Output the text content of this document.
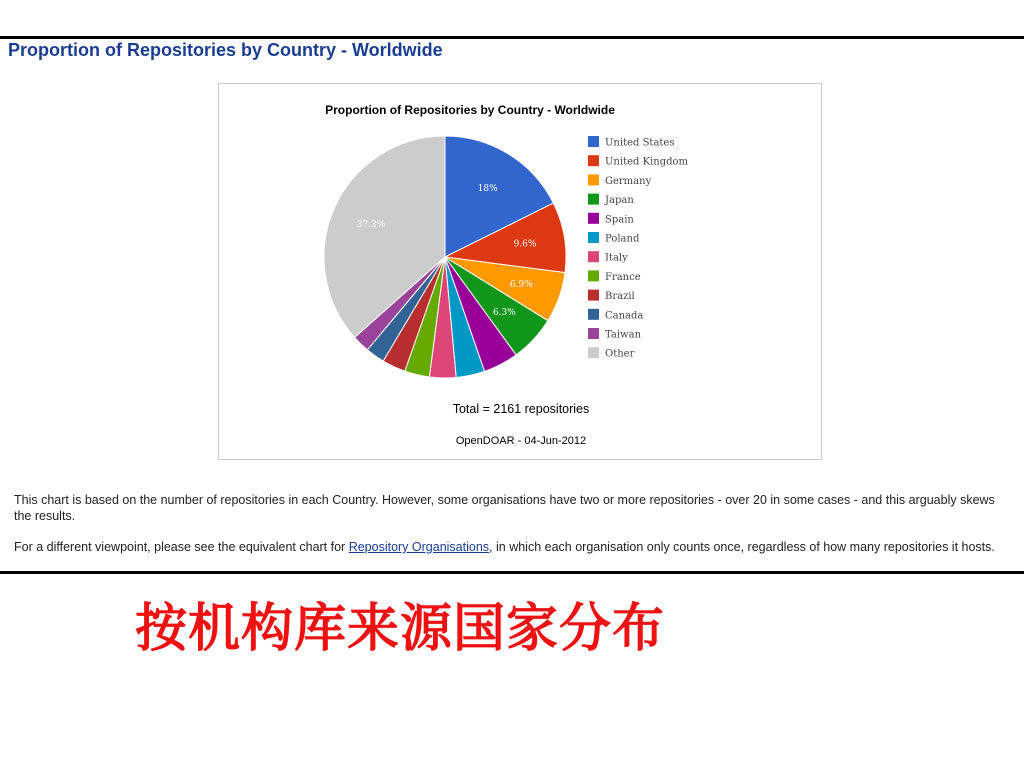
Proportion of Repositories by Country - Worldwide
Proportion of Repositories by Country - Worldwide
18%
9.6%
6.9%
6.3%
37.3%
United States
United Kingdom
Germany
Japan
Spain
Poland
Italy
France
Brazil
Canada
Taiwan
Other
Total = 2161 repositories
OpenDOAR - 04-Jun-2012
This chart is based on the number of repositories in each Country. However, some organisations have two or more repositories - over 20 in some cases - and this arguably skews the results.
For a different viewpoint, please see the equivalent chart for Repository Organisations, in which each organisation only counts once, regardless of how many repositories it hosts.
按机构库来源国家分布
